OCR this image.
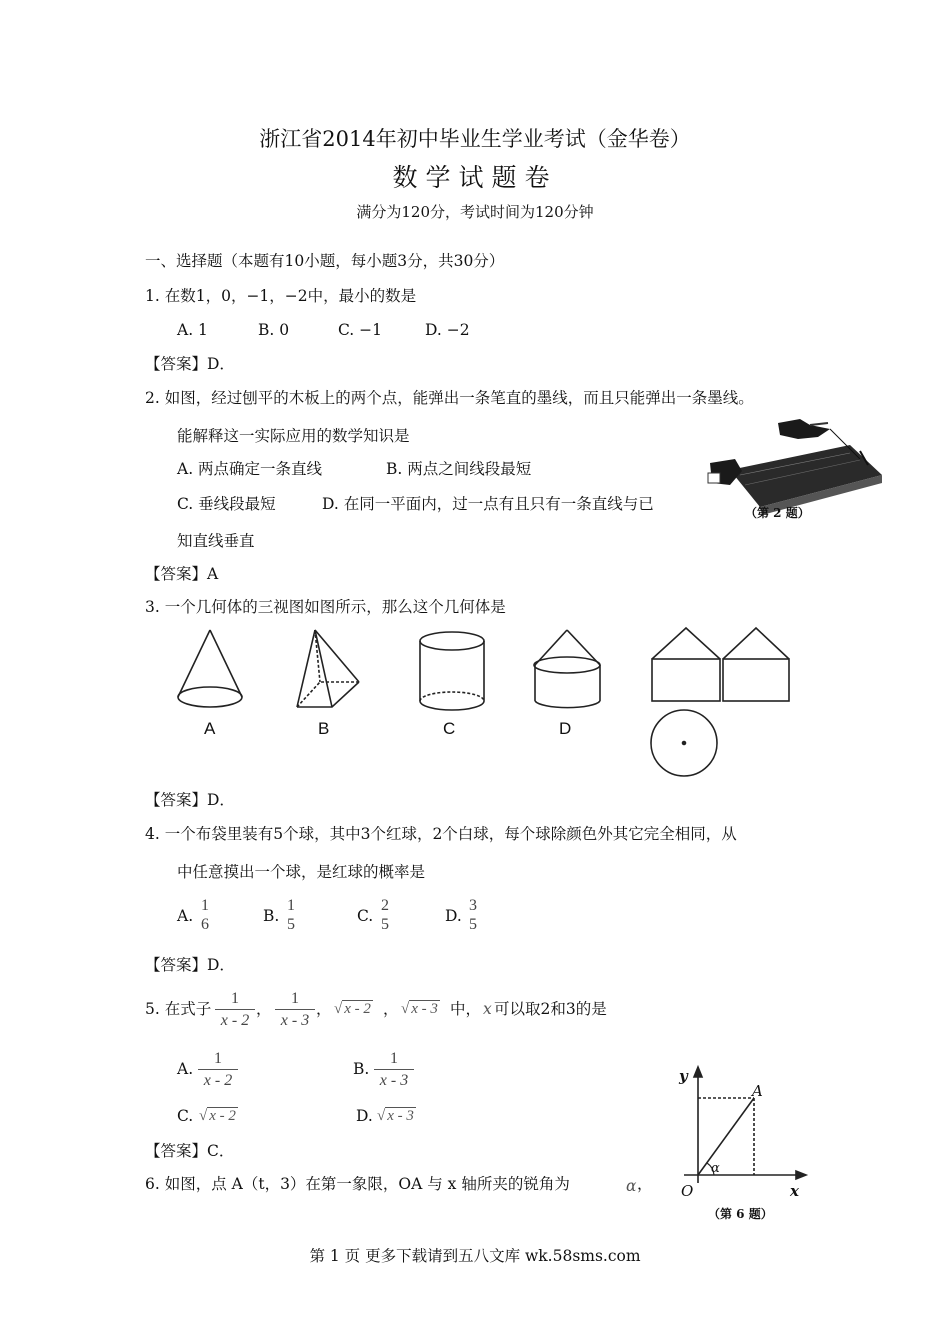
浙江省2014年初中毕业生学业考试（金华卷）
数学试题卷
满分为120分，考试时间为120分钟
一、选择题（本题有10小题，每小题3分，共30分）
1. 在数1，0，−1，−2中，最小的数是
A. 1	B. 0	C. −1	D. −2
【答案】D．
2. 如图，经过刨平的木板上的两个点，能弹出一条笔直的墨线，而且只能弹出一条墨线。
能解释这一实际应用的数学知识是
A. 两点确定一条直线	B. 两点之间线段最短
C. 垂线段最短	D. 在同一平面内，过一点有且只有一条直线与已
知直线垂直
【答案】A
（第 2 题）
3. 一个几何体的三视图如图所示，那么这个几何体是
A	B	C	D
【答案】D．
4. 一个布袋里装有5个球，其中3个红球，2个白球，每个球除颜色外其它完全相同，从
中任意摸出一个球，是红球的概率是
A.
1
6	B.
1
5	C.
2
5	D.
3
5
【答案】D．
5. 在式子
1
x - 2
，
1
x - 3
， √ x - 2 ， √ x - 3 中， x 可以取2和3的是
A.
1
x - 2
B.
1
x - 3
C. √ x - 2	D. √ x - 3
【答案】C．
6. 如图，点 A（t，3）在第一象限，OA 与 x 轴所夹的锐角为	α ，
y
A
α
O	x
（第 6 题）
第 1 页 更多下载请到五八文库 wk.58sms.com
